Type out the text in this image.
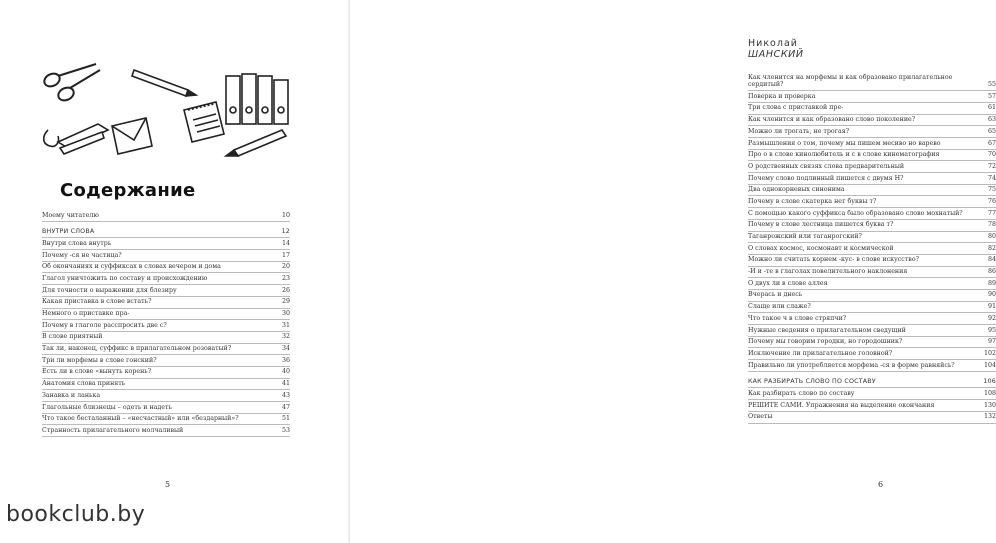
Содержание
Моему читателю	10
ВНУТРИ СЛОВА	12
Внутри слова внутрь	14
Почему -ся не частица?	17
Об окончаниях и суффиксах в словах вечером и дома	20
Глагол уничтожить по составу и происхождению	23
Для точности о выражении для блезиру	26
Какая приставка в слове встать?	29
Немного о приставке пра-	30
Почему в глаголе расспросить две с?	31
В слове приятный	32
Так ли, наконец, суффикс в прилагательном розоватый?	34
Три ли морфемы в слове гонский?	36
Есть ли в слове «вынуть корень?	40
Анатомия слова принять	41
Занавка и ланька	43
Глагольные близнецы – одеть и надеть	47
Что такое бесталанный – «несчастный» или «бездарный»?	51
Странность прилагательного молчаливый	53
5
Николай ШАНСКИЙ
Как членится на морфемы и как образовано прилагательное сердитый?	55
Поверка и проверка	57
Три слова с приставкой пре-	61
Как членится и как образовано слово поколение?	63
Можно ли трогать, не трогая?	65
Размышления о том, почему мы пишем месиво но варево	67
Про о в слове кинолюбитель и с в слове кинематография	70
О родственных связях слова предварительный	72
Почему слово подлинный пишется с двумя Н?	74
Два однокорневых синонима	75
Почему в слове скатерка нет буквы т?	76
С помощью какого суффикса было образовано слово мохнатый?	77
Почему в слове лестница пишется буква т?	78
Таганрожский или таганрогский?	80
О словах космос, космонавт и космической	82
Можно ли считать корнем -кус- в слове искусство?	84
-И и -те в глаголах повелительного наклонения	86
О двух ли в слове аллея	89
Вчерась и днесь	90
Слаще или слаже?	91
Что такое ч в слове стряпчи?	92
Нужные сведения о прилагательном сведущий	95
Почему мы говорим городки, но городошник?	97
Исключение ли прилагательное головной?	102
Правильно ли употребляется морфема -ся в форме равняйсь?	104
КАК РАЗБИРАТЬ СЛОВО ПО СОСТАВУ	106
Как разбирать слово по составу	108
РЕШИТЕ САМИ. Упражнения на выделение окончания	130
Ответы	132
6
bookclub.by
